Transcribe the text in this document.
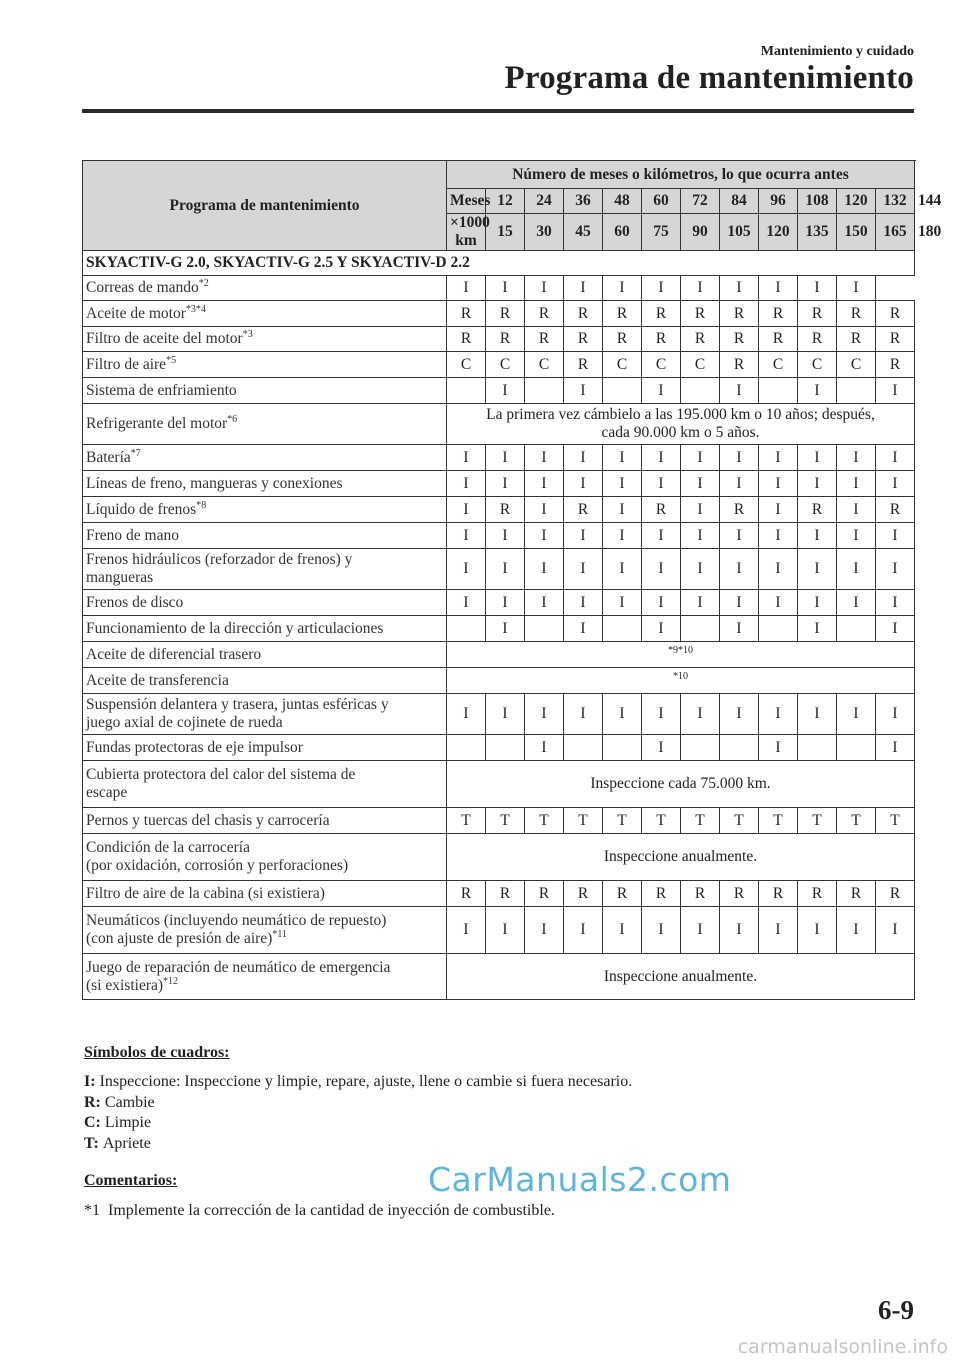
Mantenimiento y cuidado
Programa de mantenimiento
Programa de mantenimiento	Número de meses o kilómetros, lo que ocurra antes												
	Meses	12	24	36	48	60	72	84	96	108	120	132	144
	×1000 km	15	30	45	60	75	90	105	120	135	150	165	180
SKYACTIV-G 2.0, SKYACTIV-G 2.5 Y SKYACTIV-D 2.2													
Correas de mando$^{*2}$	I	I	I	I	I	I	I	I	I	I	I		
Aceite de motor$^{*3*4}$	R	R	R	R	R	R	R	R	R	R	R	R	
Filtro de aceite del motor$^{*3}$	R	R	R	R	R	R	R	R	R	R	R	R	
Filtro de aire$^{*5}$	C	C	C	R	C	C	C	R	C	C	C	R	
Sistema de enfriamiento		I		I		I		I		I		I	
Refrigerante del motor$^{*6}$	La primera vez cámbielo a las 195.000 km o 10 años; después,
cada 90.000 km o 5 años.												
Batería$^{*7}$	I	I	I	I	I	I	I	I	I	I	I	I	
Líneas de freno, mangueras y conexiones	I	I	I	I	I	I	I	I	I	I	I	I	
Líquido de frenos$^{*8}$	I	R	I	R	I	R	I	R	I	R	I	R	
Freno de mano	I	I	I	I	I	I	I	I	I	I	I	I	
Frenos hidráulicos (reforzador de frenos) y
mangueras	I	I	I	I	I	I	I	I	I	I	I	I	
Frenos de disco	I	I	I	I	I	I	I	I	I	I	I	I	
Funcionamiento de la dirección y articulaciones		I		I		I		I		I		I	
Aceite de diferencial trasero	*9*10												
Aceite de transferencia	*10												
Suspensión delantera y trasera, juntas esféricas y
juego axial de cojinete de rueda	I	I	I	I	I	I	I	I	I	I	I	I	
Fundas protectoras de eje impulsor			I			I			I			I	
Cubierta protectora del calor del sistema de
escape	Inspeccione cada 75.000 km.												
Pernos y tuercas del chasis y carrocería	T	T	T	T	T	T	T	T	T	T	T	T	
Condición de la carrocería
(por oxidación, corrosión y perforaciones)	Inspeccione anualmente.												
Filtro de aire de la cabina (si existiera)	R	R	R	R	R	R	R	R	R	R	R	R	
Neumáticos (incluyendo neumático de repuesto)
(con ajuste de presión de aire)$^{*11}$	I	I	I	I	I	I	I	I	I	I	I	I	
Juego de reparación de neumático de emergencia
(si existiera)$^{*12}$	Inspeccione anualmente.												
Símbolos de cuadros:
I: Inspeccione: Inspeccione y limpie, repare, ajuste, llene o cambie si fuera necesario.
R: Cambie
C: Limpie
T: Apriete
Comentarios:
*1 Implemente la corrección de la cantidad de inyección de combustible.
CarManuals2.com
6-9
carmanualsonline.info
